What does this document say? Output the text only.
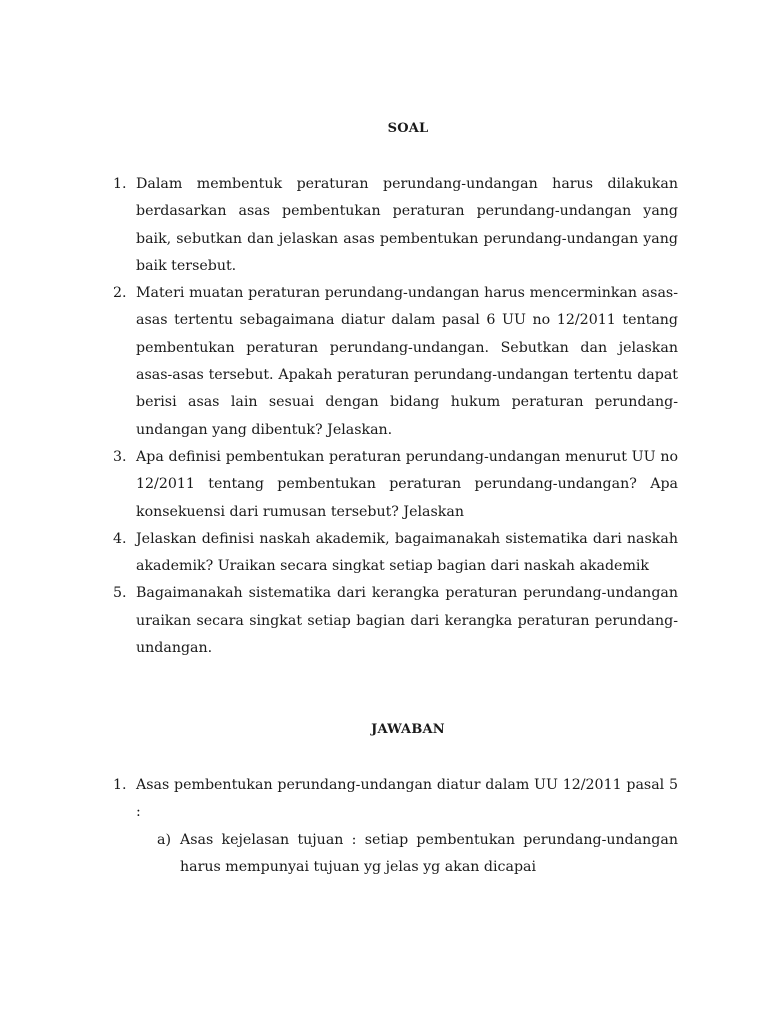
SOAL
1. Dalam membentuk peraturan perundang-undangan harus dilakukan berdasarkan asas pembentukan peraturan perundang-undangan yang baik, sebutkan dan jelaskan asas pembentukan perundang-undangan yang baik tersebut.
2. Materi muatan peraturan perundang-undangan harus mencerminkan asas-asas tertentu sebagaimana diatur dalam pasal 6 UU no 12/2011 tentang pembentukan peraturan perundang-undangan. Sebutkan dan jelaskan asas-asas tersebut. Apakah peraturan perundang-undangan tertentu dapat berisi asas lain sesuai dengan bidang hukum peraturan perundang-undangan yang dibentuk? Jelaskan.
3. Apa definisi pembentukan peraturan perundang-undangan menurut UU no 12/2011 tentang pembentukan peraturan perundang-undangan? Apa konsekuensi dari rumusan tersebut? Jelaskan
4. Jelaskan definisi naskah akademik, bagaimanakah sistematika dari naskah akademik? Uraikan secara singkat setiap bagian dari naskah akademik
5. Bagaimanakah sistematika dari kerangka peraturan perundang-undangan uraikan secara singkat setiap bagian dari kerangka peraturan perundang-undangan.
JAWABAN
1. Asas pembentukan perundang-undangan diatur dalam UU 12/2011 pasal 5 :
a) Asas kejelasan tujuan : setiap pembentukan perundang-undangan harus mempunyai tujuan yg jelas yg akan dicapai
